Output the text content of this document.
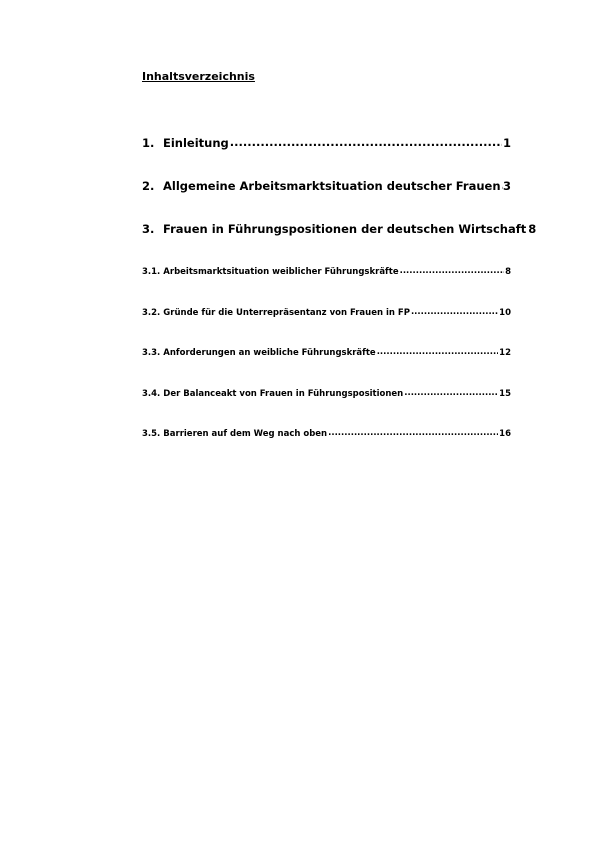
Inhaltsverzeichnis
1. Einleitung .....	1
2. Allgemeine Arbeitsmarktsituation deutscher Frauen ..... 3
3. Frauen in Führungspositionen der deutschen Wirtschaft 8
3.1. Arbeitsmarktsituation weiblicher Führungskräfte .....	8
3.2. Gründe für die Unterrepräsentanz von Frauen in FP .....	10
3.3. Anforderungen an weibliche Führungskräfte .....	12
3.4. Der Balanceakt von Frauen in Führungspositionen .....	15
3.5. Barrieren auf dem Weg nach oben .....	16
